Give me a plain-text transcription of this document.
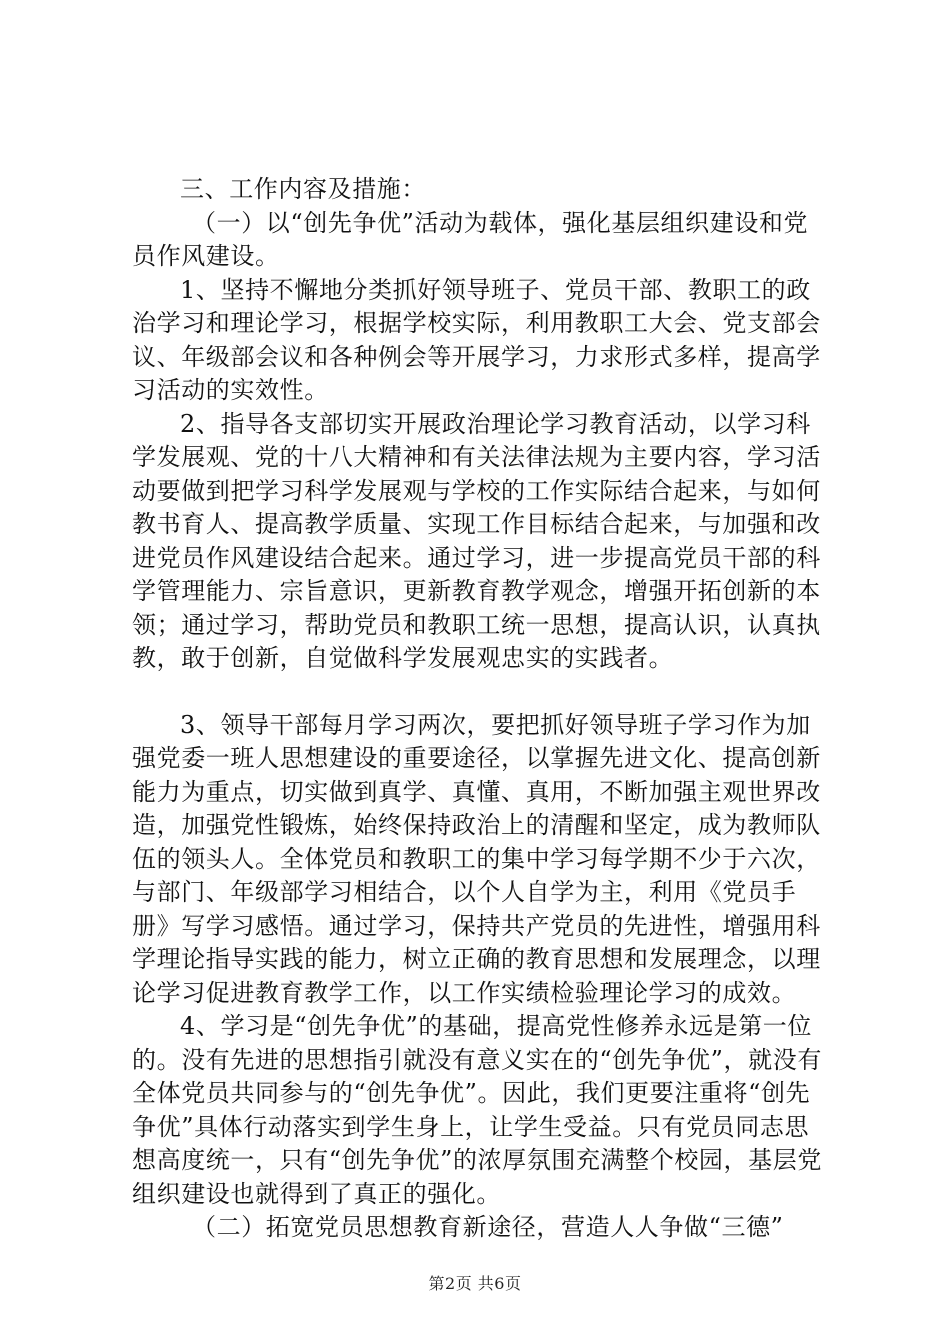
三、工作内容及措施：

（一）以“创先争优”活动为载体，强化基层组织建设和党员作风建设。

1、坚持不懈地分类抓好领导班子、党员干部、教职工的政治学习和理论学习，根据学校实际，利用教职工大会、党支部会议、年级部会议和各种例会等开展学习，力求形式多样，提高学习活动的实效性。

2、指导各支部切实开展政治理论学习教育活动，以学习科学发展观、党的十八大精神和有关法律法规为主要内容，学习活动要做到把学习科学发展观与学校的工作实际结合起来，与如何教书育人、提高教学质量、实现工作目标结合起来，与加强和改进党员作风建设结合起来。通过学习，进一步提高党员干部的科学管理能力、宗旨意识，更新教育教学观念，增强开拓创新的本领；通过学习，帮助党员和教职工统一思想，提高认识，认真执教，敢于创新，自觉做科学发展观忠实的实践者。

3、领导干部每月学习两次，要把抓好领导班子学习作为加强党委一班人思想建设的重要途径，以掌握先进文化、提高创新能力为重点，切实做到真学、真懂、真用，不断加强主观世界改造，加强党性锻炼，始终保持政治上的清醒和坚定，成为教师队伍的领头人。全体党员和教职工的集中学习每学期不少于六次，与部门、年级部学习相结合，以个人自学为主，利用《党员手册》写学习感悟。通过学习，保持共产党员的先进性，增强用科学理论指导实践的能力，树立正确的教育思想和发展理念，以理论学习促进教育教学工作，以工作实绩检验理论学习的成效。

4、学习是“创先争优”的基础，提高党性修养永远是第一位的。没有先进的思想指引就没有意义实在的“创先争优”，就没有全体党员共同参与的“创先争优”。因此，我们更要注重将“创先争优”具体行动落实到学生身上，让学生受益。只有党员同志思想高度统一，只有“创先争优”的浓厚氛围充满整个校园，基层党组织建设也就得到了真正的强化。

（二）拓宽党员思想教育新途径，营造人人争做“三德”

第2页 共6页
